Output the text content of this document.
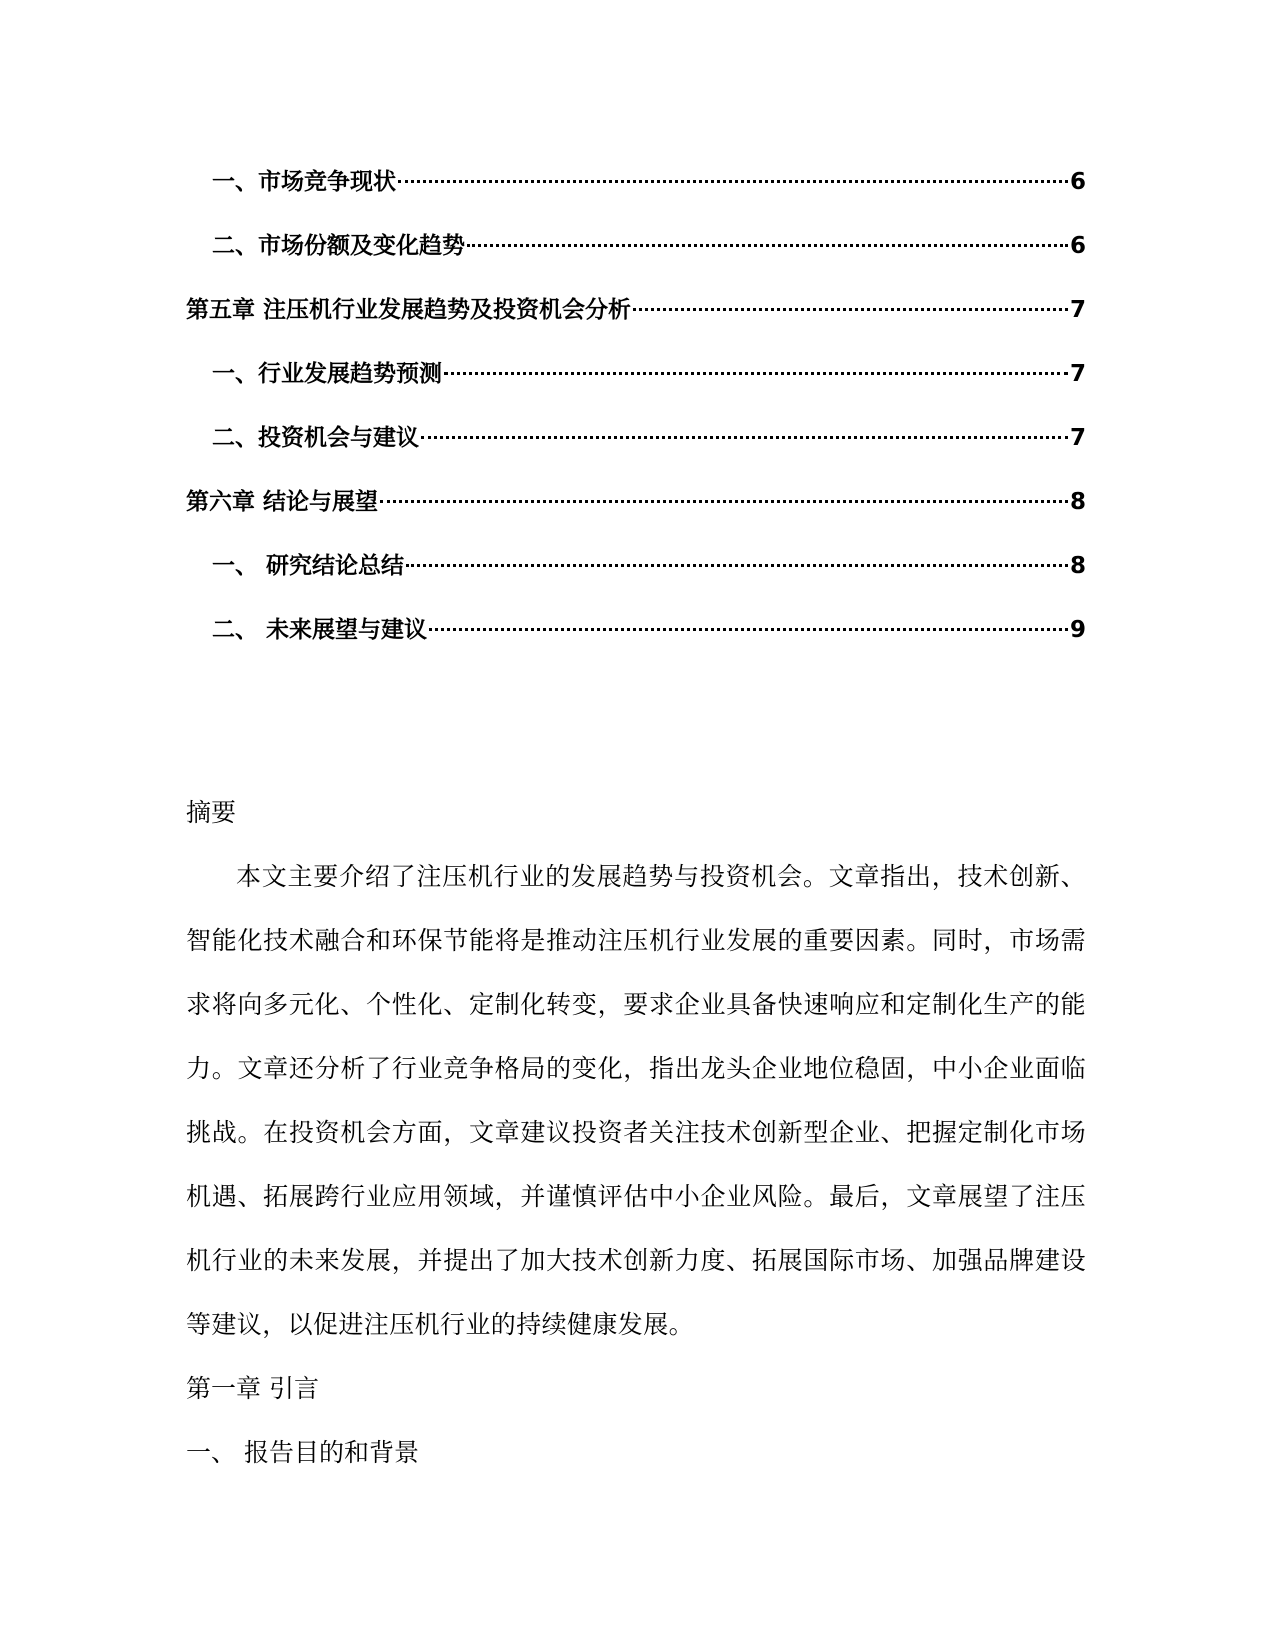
一、市场竞争现状	6
二、市场份额及变化趋势	6
第五章 注压机行业发展趋势及投资机会分析	7
一、行业发展趋势预测	7
二、投资机会与建议	7
第六章 结论与展望	8
一、 研究结论总结	8
二、 未来展望与建议	9
摘要

本文主要介绍了注压机行业的发展趋势与投资机会。文章指出，技术创新、智能化技术融合和环保节能将是推动注压机行业发展的重要因素。同时，市场需求将向多元化、个性化、定制化转变，要求企业具备快速响应和定制化生产的能力。文章还分析了行业竞争格局的变化，指出龙头企业地位稳固，中小企业面临挑战。在投资机会方面，文章建议投资者关注技术创新型企业、把握定制化市场机遇、拓展跨行业应用领域，并谨慎评估中小企业风险。最后，文章展望了注压机行业的未来发展，并提出了加大技术创新力度、拓展国际市场、加强品牌建设等建议，以促进注压机行业的持续健康发展。

第一章 引言
一、 报告目的和背景
